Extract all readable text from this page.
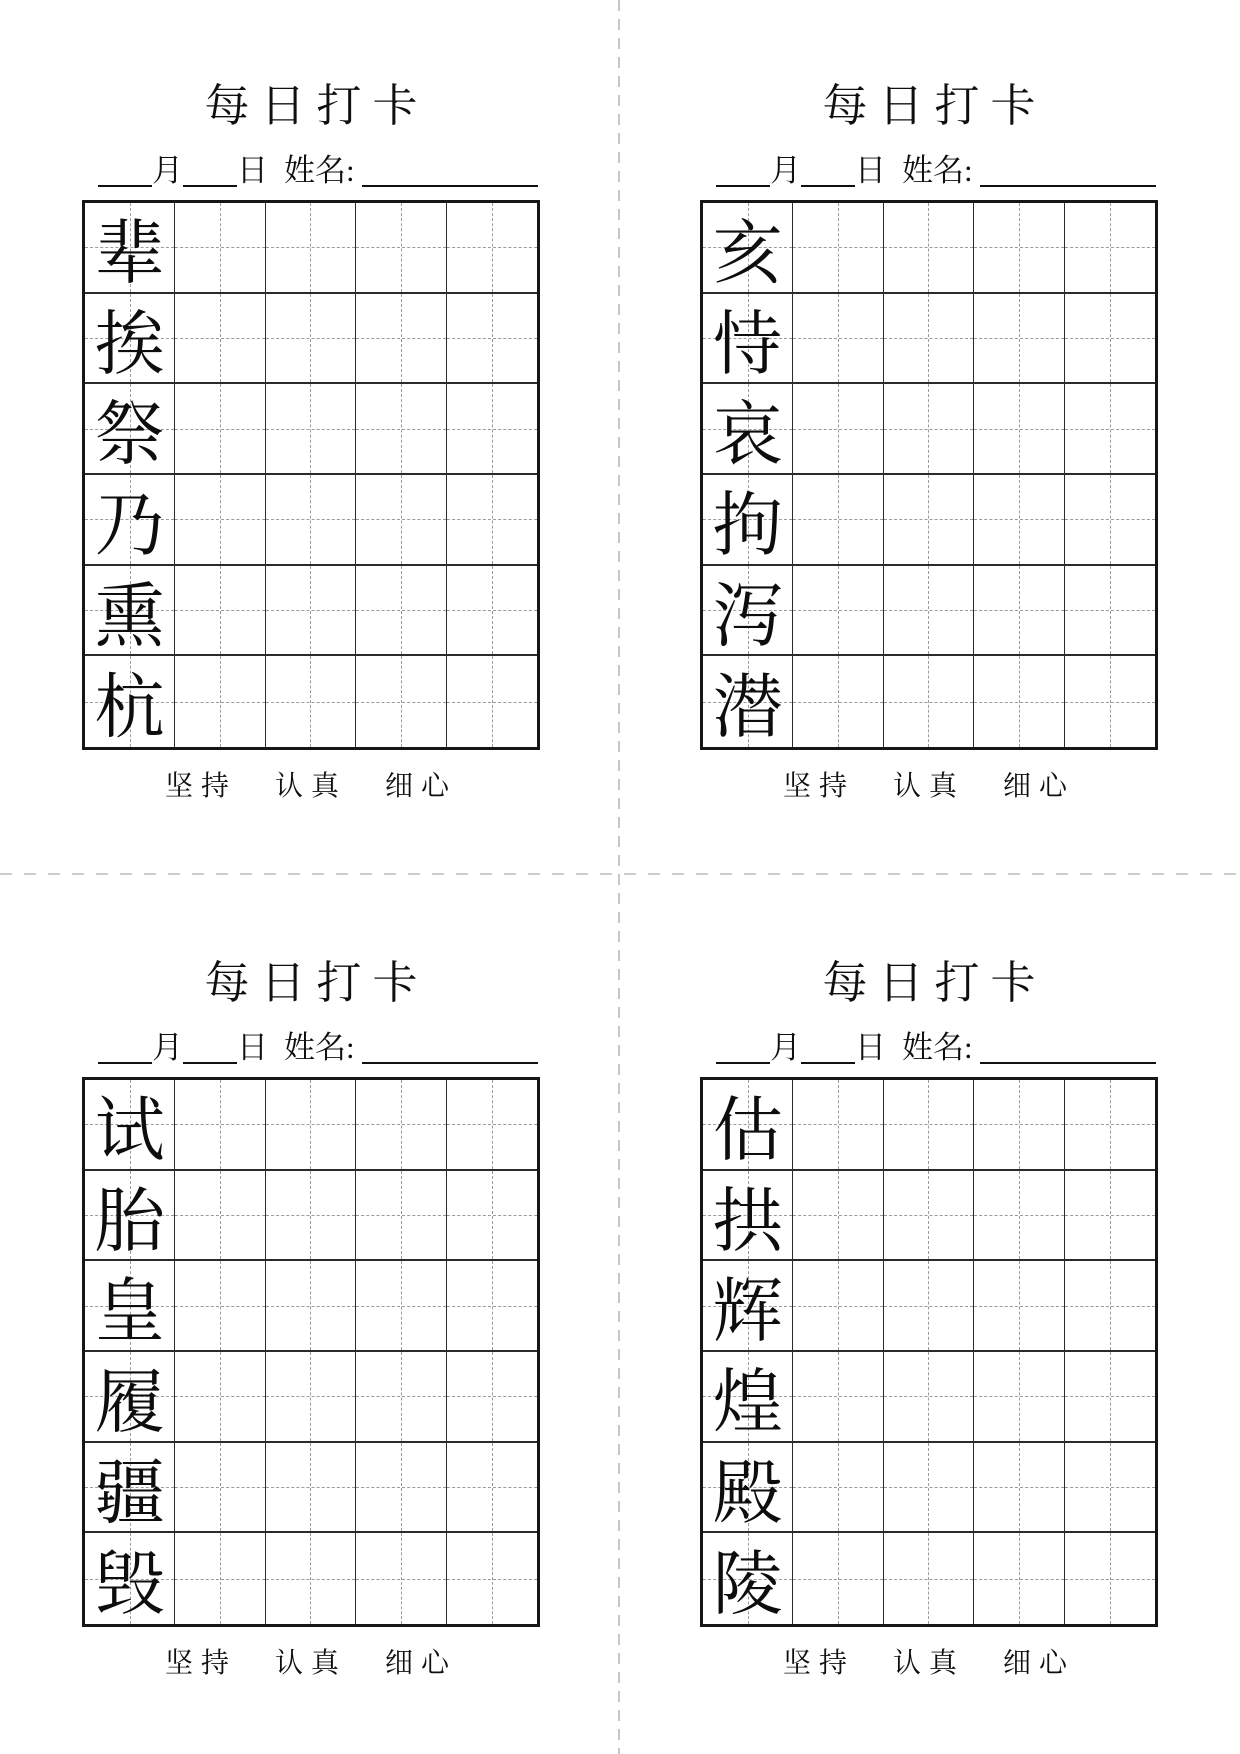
每日打卡
月 日 姓名:
辈
挨
祭
乃
熏
杭
坚持 认真 细心
每日打卡
月 日 姓名:
亥
恃
哀
拘
泻
潜
坚持 认真 细心
每日打卡
月 日 姓名:
试
胎
皇
履
疆
毁
坚持 认真 细心
每日打卡
月 日 姓名:
估
拱
辉
煌
殿
陵
坚持 认真 细心
